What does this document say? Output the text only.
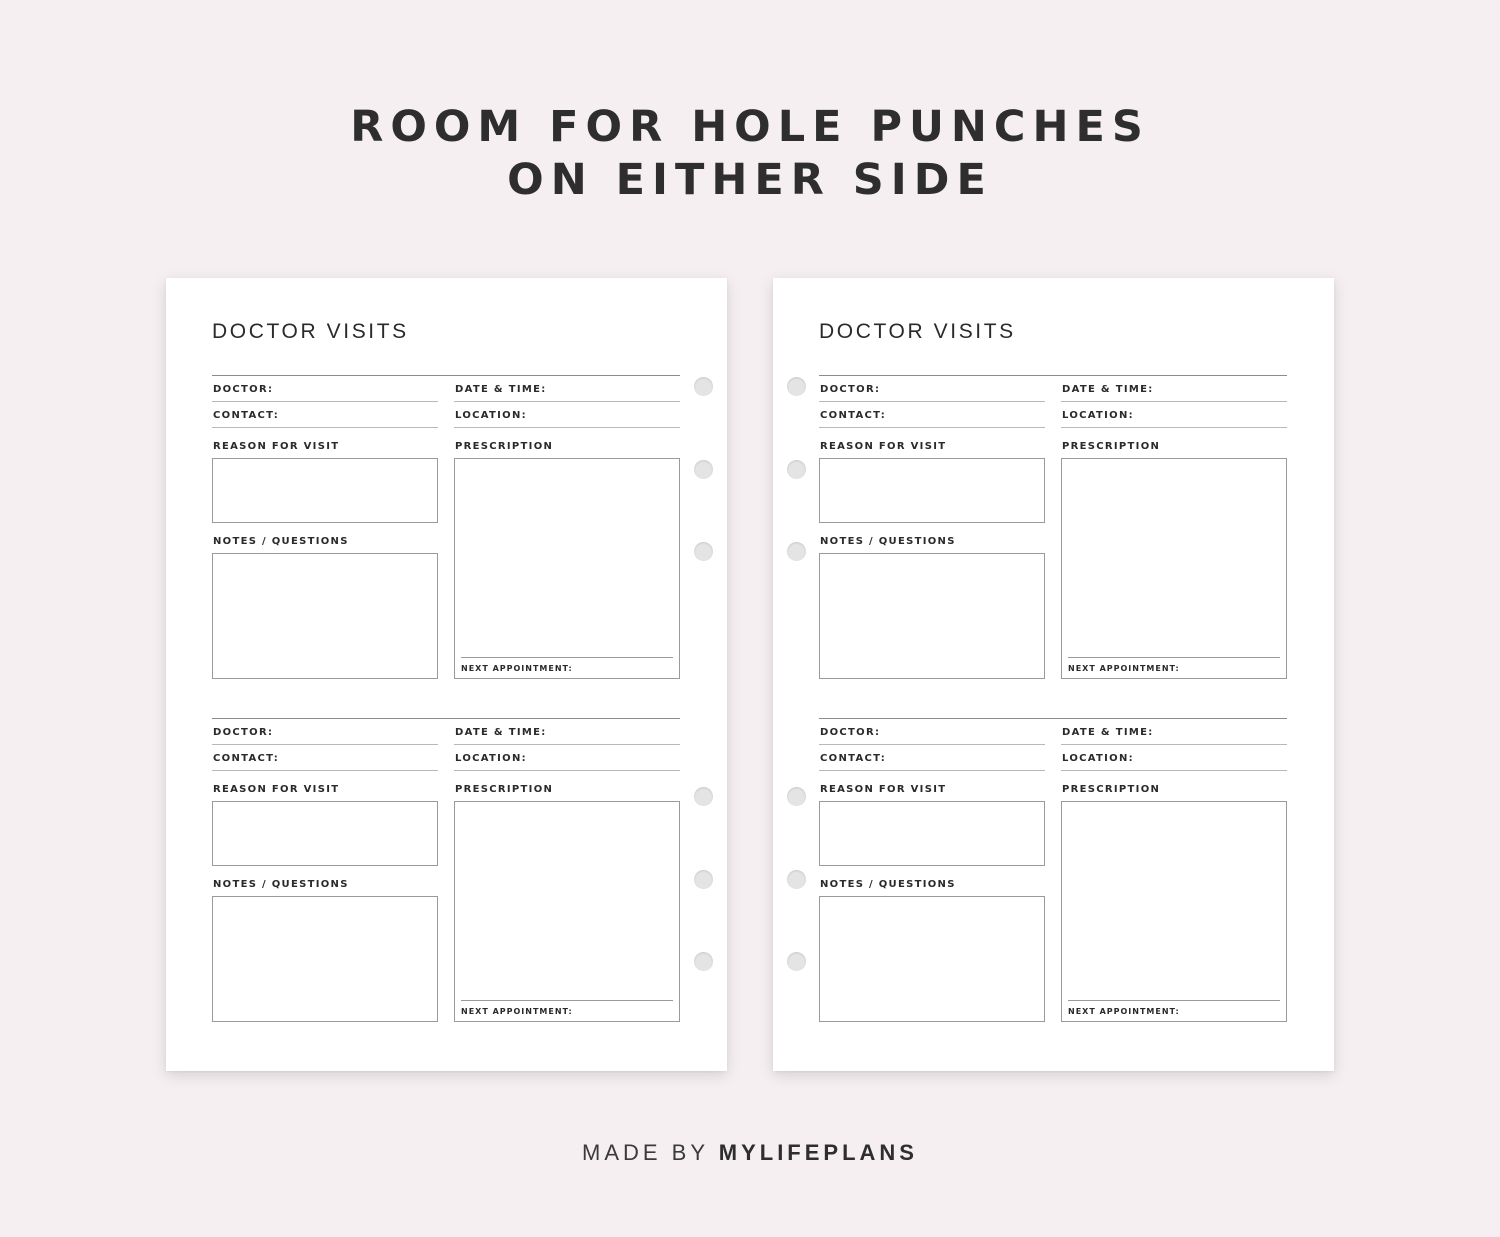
ROOM FOR HOLE PUNCHES
ON EITHER SIDE
DOCTOR VISITS
DOCTOR:	DATE & TIME:
CONTACT:	LOCATION:
REASON FOR VISIT	PRESCRIPTION
NOTES / QUESTIONS
NEXT APPOINTMENT:
DOCTOR:	DATE & TIME:
CONTACT:	LOCATION:
REASON FOR VISIT	PRESCRIPTION
NOTES / QUESTIONS
NEXT APPOINTMENT:
DOCTOR VISITS
DOCTOR:	DATE & TIME:
CONTACT:	LOCATION:
REASON FOR VISIT	PRESCRIPTION
NOTES / QUESTIONS
NEXT APPOINTMENT:
DOCTOR:	DATE & TIME:
CONTACT:	LOCATION:
REASON FOR VISIT	PRESCRIPTION
NOTES / QUESTIONS
NEXT APPOINTMENT:
MADE BY MYLIFEPLANS
